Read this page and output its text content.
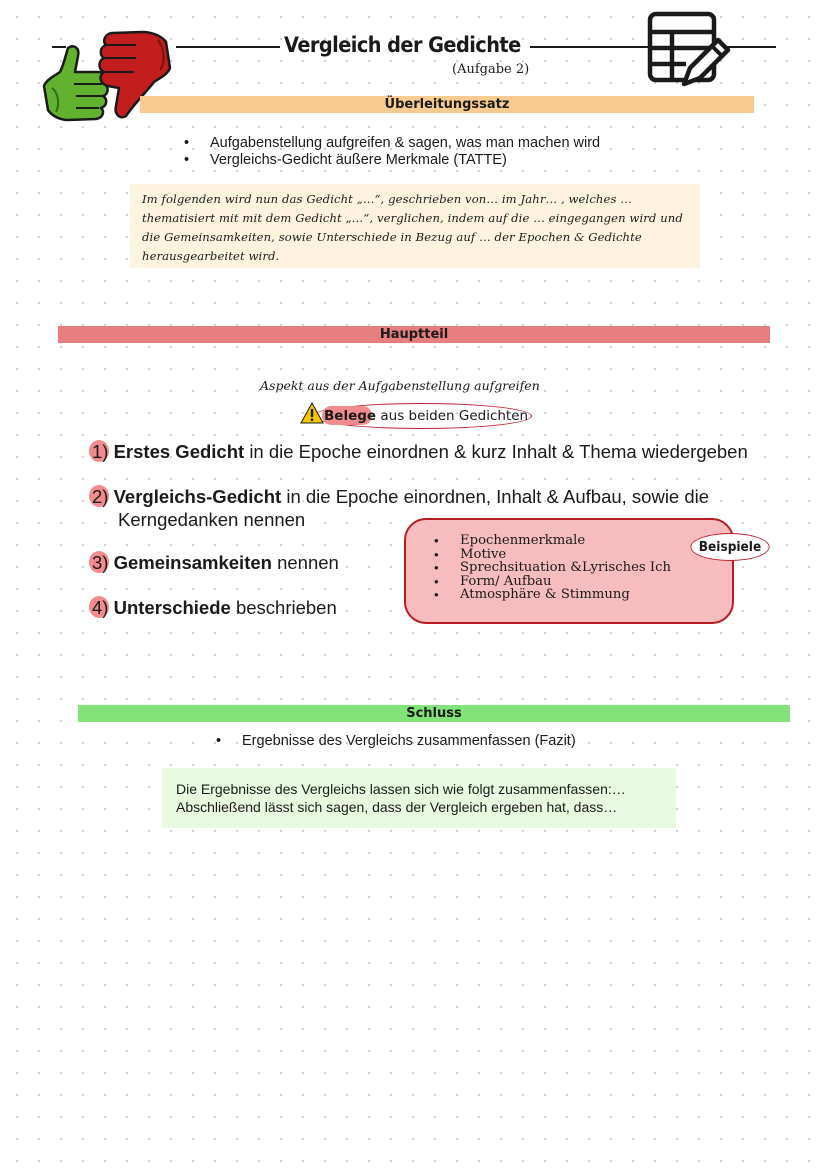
Vergleich der Gedichte
(Aufgabe 2)
Überleitungssatz
• Aufgabenstellung aufgreifen & sagen, was man machen wird
• Vergleichs-Gedicht äußere Merkmale (TATTE)

Im folgenden wird nun das Gedicht „…“, geschrieben von… im Jahr… , welches … thematisiert mit mit dem Gedicht „…“, verglichen, indem auf die … eingegangen wird und die Gemeinsamkeiten, sowie Unterschiede in Bezug auf … der Epochen & Gedichte herausgearbeitet wird.

Hauptteil
Aspekt aus der Aufgabenstellung aufgreifen
Belege aus beiden Gedichten
1) Erstes Gedicht in die Epoche einordnen & kurz Inhalt & Thema wiedergeben
2) Vergleichs-Gedicht in die Epoche einordnen, Inhalt & Aufbau, sowie die
Kerngedanken nennen
3) Gemeinsamkeiten nennen
4) Unterschiede beschrieben
• Epochenmerkmale
• Motive
• Sprechsituation &Lyrisches Ich
• Form/ Aufbau
• Atmosphäre & Stimmung
Beispiele
Schluss
• Ergebnisse des Vergleichs zusammenfassen (Fazit)

Die Ergebnisse des Vergleichs lassen sich wie folgt zusammenfassen:…
Abschließend lässt sich sagen, dass der Vergleich ergeben hat, dass…
